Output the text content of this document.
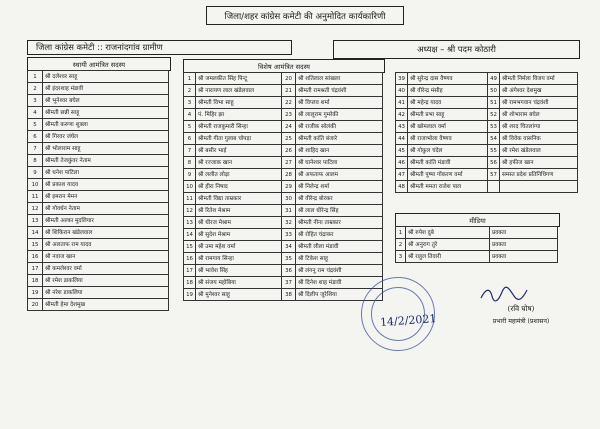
जिला/शहर कांग्रेस कमेटी की अनुमोदित कार्यकारिणी
जिला कांग्रेस कमेटी :: राजनांदगांव ग्रामीण	अध्यक्ष – श्री पदम कोठारी
स्थायी आमंत्रित सदस्य	विशेष आमंत्रित सदस्य
1	श्री दलेश्वर साहू
2	श्री इंदरशाह मंडावी
3	श्री भुनेश्वर बघेल
4	श्रीमती छन्नी साहू
5	श्रीमती करुणा शुक्ला
6	श्री गिरवर जंघेल
7	श्री भोलाराम साहू
8	श्रीमती तेजकुंवर नेताम
9	श्री धनेश पाटिला
10	श्री प्रकाश यादव
11	श्री इमरान मेमन
12	श्री गोवर्धन नेताम
13	श्रीमती अल्का मुदलियार
14	श्री शिकिरान खंडेलवाल
15	श्री अलताफ राम यादव
16	श्री नवाज खान
17	श्री कमलेश्वर वर्मा
18	श्री रमेश डाकलिया
19	श्री नरेश डाकलिया
20	श्रीमती हेमा देशमुख
1	श्री जमलकीत सिंह पिन्टू	20	श्री शतिलाल सांखला
2	श्री नारायण लाल खंडेलवाल	21	श्रीमती रामश्रती चंद्रवंशी
3	श्रीमती विभा साहू	22	श्री विप्लव शर्मा
4	पं. मिहिर झा	23	श्री लालूराम गुमरेकी
5	श्रीमती राजकुमारी सिन्हा	24	श्री राजीक सोलंकी
6	श्रीमती गीता गुलाब चोपड़ा	25	श्रीमती कांति बंजारे
7	श्री बसीर भाई	26	श्री शाहिद खान
8	श्री रज्जाक खान	27	श्री घानेश्वर पाटिला
9	श्री ललीत लोढ़ा	28	श्री अफताफ आलम
10	श्री हीरा निषाद	29	श्री निलेन्द्र शर्मा
11	श्रीमती विद्या ताम्रकार	30	श्री वीरेन्द्र बोरकर
12	श्री रितेश मेश्राम	31	श्री लाल धीरेन्द्र सिंह
13	श्री धीरज मेश्राम	32	श्रीमती नीना ताम्रकार
14	श्री सुदेश मेश्राम	33	श्री रोहित चंद्राकर
15	श्री उमा महेश वर्मा	34	श्रीमती लीला मंडावी
16	श्री रामगाय सिन्हा	35	श्री टिकेश साहू
17	श्री भावेश सिंह	36	श्री लंगनू राम चंद्रवंशी
18	श्री संजय महोबिया	37	श्री दिनेश शाह मंडावी
19	श्री मुनेश्वर साहू	38	श्री दिलीप जुरेशिया
39	श्री सुरेन्द्र दास वैष्णव	49	श्रीमती निर्मला विजय वर्मा
40	श्री वीरेन्द्र मंसीह	50	श्री अंगेश्वर देशमुख
41	श्री महेन्द्र यादव	51	श्री रामभगवान चंद्रवंशी
42	श्रीमती प्रभा साहू	52	श्री शोभाराम बघेल
43	श्री खोमलाल वर्मा	53	श्री शरद चितलांग्या
44	श्री राजाभोला वैष्णव	54	श्री विवेक वासनिक
45	श्री गोकुल चंदेल	55	श्री रमेश खंडेलवाल
46	श्रीमती कांति मंडावी	56	श्री हफीज खान
47	श्रीमती पुष्पा गोंकरण वर्मा	57	समस्त प्रदेश प्रतिनिधिगण
48	श्रीमती ममता राजेश पाल		
मीडिया
1	श्री रुपेश दुबे	प्रवक्ता
2	श्री अनुराग तुरे	प्रवक्ता
3	श्री राहुल तिवारी	प्रवक्ता
14/2/2021
(रवि घोष)
प्रभारी महामंत्री (प्रशासन)
